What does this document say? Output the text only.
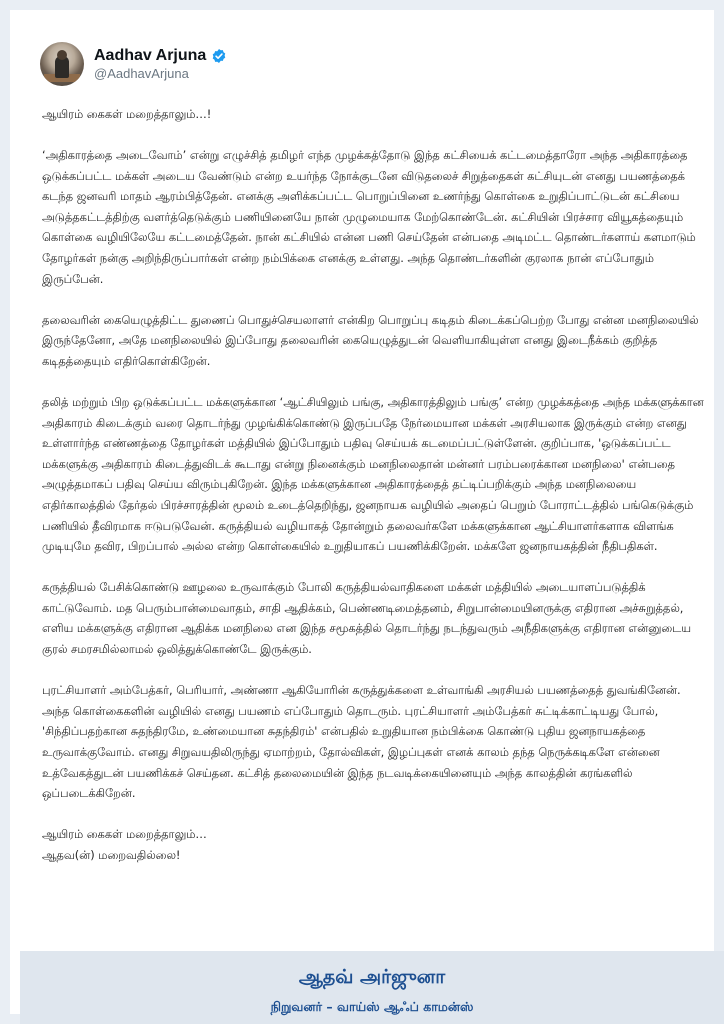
Aadhav Arjuna
@AadhavArjuna

ஆயிரம் கைகள் மறைத்தாலும்…!

‘அதிகாரத்தை அடைவோம்’ என்று எழுச்சித் தமிழர் எந்த முழக்கத்தோடு இந்த கட்சியைக் கட்டமைத்தாரோ அந்த அதிகாரத்தை ஒடுக்கப்பட்ட மக்கள் அடைய வேண்டும் என்ற உயர்ந்த நோக்குடனே விடுதலைச் சிறுத்தைகள் கட்சியுடன் எனது பயணத்தைக் கடந்த ஜனவரி மாதம் ஆரம்பித்தேன். எனக்கு அளிக்கப்பட்ட பொறுப்பினை உணர்ந்து கொள்கை உறுதிப்பாட்டுடன் கட்சியை அடுத்தகட்டத்திற்கு வளர்த்தெடுக்கும் பணியினையே நான் முழுமையாக மேற்கொண்டேன். கட்சியின் பிரச்சார வியூகத்தையும் கொள்கை வழியிலேயே கட்டமைத்தேன். நான் கட்சியில் என்ன பணி செய்தேன் என்பதை அடிமட்ட தொண்டர்களாய் களமாடும் தோழர்கள் நன்கு அறிந்திருப்பார்கள் என்ற நம்பிக்கை எனக்கு உள்ளது. அந்த தொண்டர்களின் குரலாக நான் எப்போதும் இருப்பேன்.

தலைவரின் கையெழுத்திட்ட துணைப் பொதுச்செயலாளர் என்கிற பொறுப்பு கடிதம் கிடைக்கப்பெற்ற போது என்ன மனநிலையில் இருந்தேனோ, அதே மனநிலையில் இப்போது தலைவரின் கையெழுத்துடன் வெளியாகியுள்ள எனது இடைநீக்கம் குறித்த கடிதத்தையும் எதிர்கொள்கிறேன்.

தலித் மற்றும் பிற ஒடுக்கப்பட்ட மக்களுக்கான ‘ஆட்சியிலும் பங்கு, அதிகாரத்திலும் பங்கு’ என்ற முழக்கத்தை அந்த மக்களுக்கான அதிகாரம் கிடைக்கும் வரை தொடர்ந்து முழங்கிக்கொண்டு இருப்பதே நேர்மையான மக்கள் அரசியலாக இருக்கும் என்ற எனது உள்ளார்ந்த எண்ணத்தை தோழர்கள் மத்தியில் இப்போதும் பதிவு செய்யக் கடமைப்பட்டுள்ளேன். குறிப்பாக, 'ஒடுக்கப்பட்ட மக்களுக்கு அதிகாரம் கிடைத்துவிடக் கூடாது என்று நினைக்கும் மனநிலைதான் மன்னர் பரம்பரைக்கான மனநிலை' என்பதை அழுத்தமாகப் பதிவு செய்ய விரும்புகிறேன். இந்த மக்களுக்கான அதிகாரத்தைத் தட்டிப்பறிக்கும் அந்த மனநிலையை எதிர்காலத்தில் தேர்தல் பிரச்சாரத்தின் மூலம் உடைத்தெறிந்து, ஜனநாயக வழியில் அதைப் பெறும் போராட்டத்தில் பங்கெடுக்கும் பணியில் தீவிரமாக ஈடுபடுவேன். கருத்தியல் வழியாகத் தோன்றும் தலைவர்களே மக்களுக்கான ஆட்சியாளர்களாக விளங்க முடியுமே தவிர, பிறப்பால் அல்ல என்ற கொள்கையில் உறுதியாகப் பயணிக்கிறேன். மக்களே ஜனநாயகத்தின் நீதிபதிகள்.

கருத்தியல் பேசிக்கொண்டு ஊழலை உருவாக்கும் போலி கருத்தியல்வாதிகளை மக்கள் மத்தியில் அடையாளப்படுத்திக் காட்டுவோம். மத பெரும்பான்மைவாதம், சாதி ஆதிக்கம், பெண்ணடிமைத்தனம், சிறுபான்மையினருக்கு எதிரான அச்சுறுத்தல், எளிய மக்களுக்கு எதிரான ஆதிக்க மனநிலை என இந்த சமூகத்தில் தொடர்ந்து நடந்துவரும் அநீதிகளுக்கு எதிரான என்னுடைய குரல் சமரசமில்லாமல் ஒலித்துக்கொண்டே இருக்கும்.

புரட்சியாளர் அம்பேத்கர், பெரியார், அண்ணா ஆகியோரின் கருத்துக்களை உள்வாங்கி அரசியல் பயணத்தைத் துவங்கினேன். அந்த கொள்கைகளின் வழியில் எனது பயணம் எப்போதும் தொடரும். புரட்சியாளர் அம்பேத்கர் சுட்டிக்காட்டியது போல், 'சிந்திப்பதற்கான சுதந்திரமே, உண்மையான சுதந்திரம்' என்பதில் உறுதியான நம்பிக்கை கொண்டு புதிய ஜனநாயகத்தை உருவாக்குவோம். எனது சிறுவயதிலிருந்து ஏமாற்றம், தோல்விகள், இழப்புகள் எனக் காலம் தந்த நெருக்கடிகளே என்னை உத்வேகத்துடன் பயணிக்கச் செய்தன. கட்சித் தலைமையின் இந்த நடவடிக்கையினையும் அந்த காலத்தின் கரங்களில் ஒப்படைக்கிறேன்.

ஆயிரம் கைகள் மறைத்தாலும்…

ஆதவ(ன்) மறைவதில்லை!

ஆதவ் அர்ஜுனா
நிறுவனர் – வாய்ஸ் ஆஃப் காமன்ஸ்
